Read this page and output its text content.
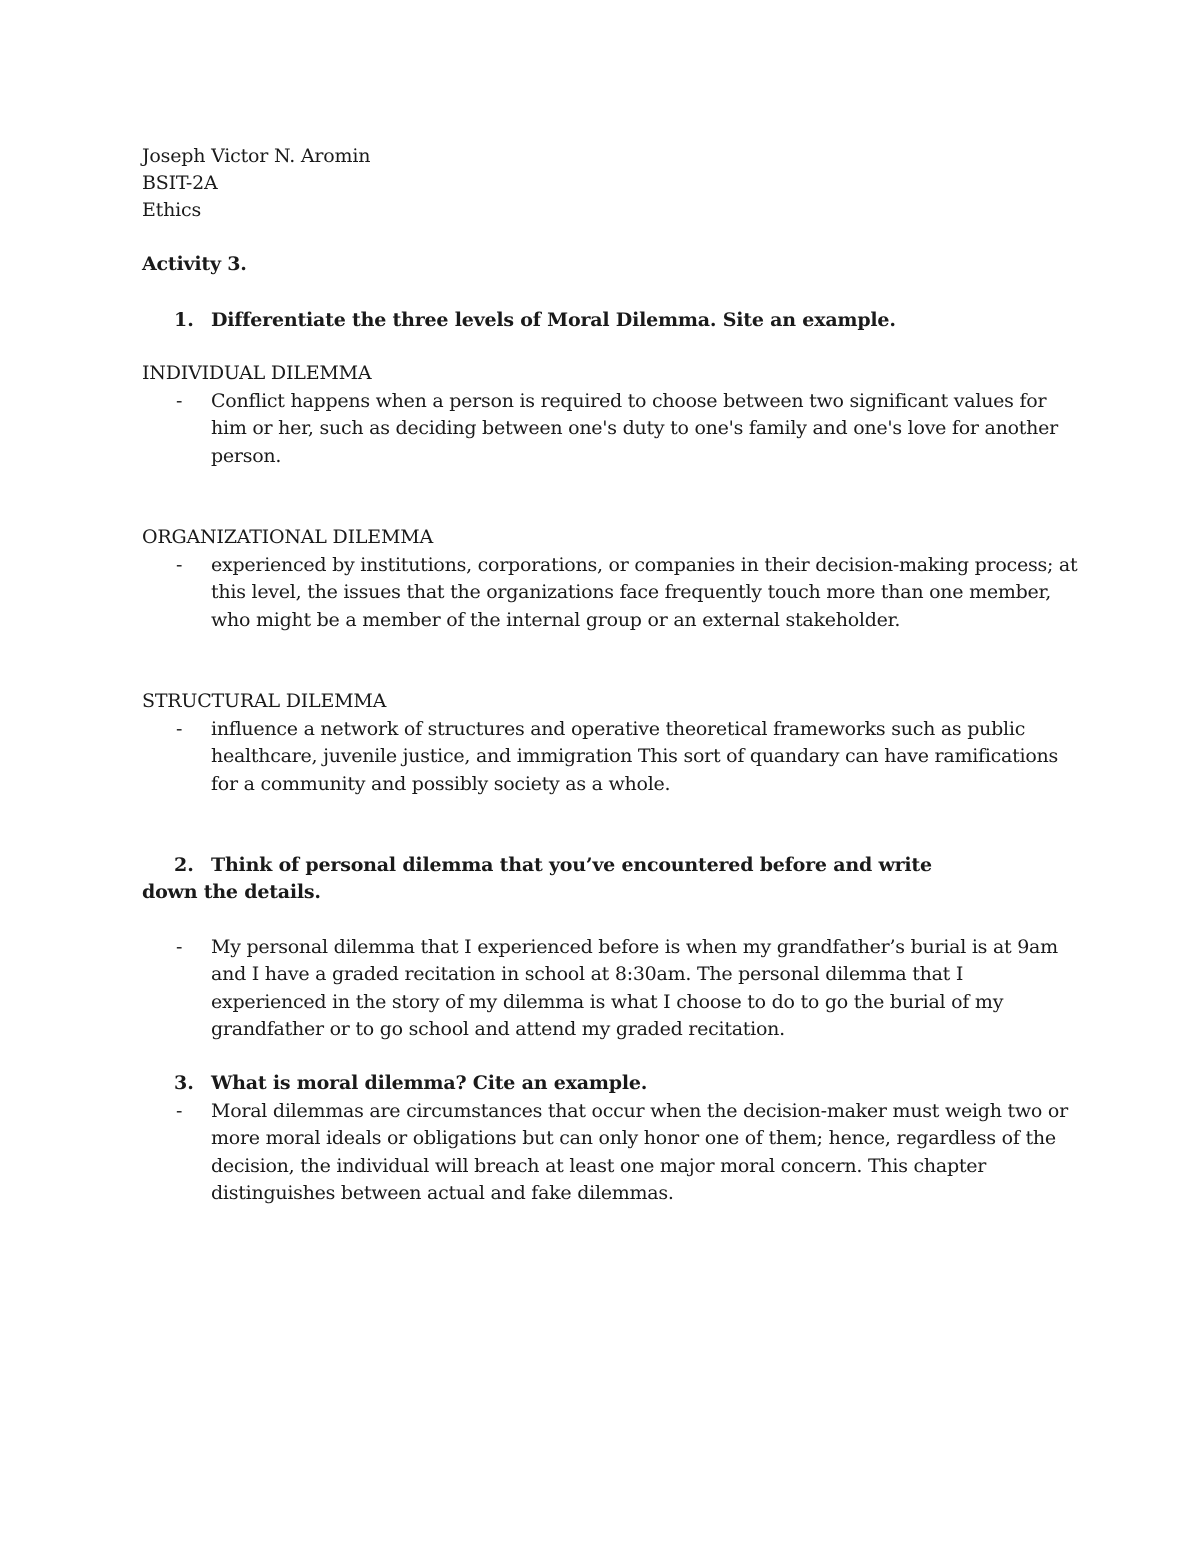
Joseph Victor N. Aromin
BSIT-2A
Ethics
Activity 3.
1. Differentiate the three levels of Moral Dilemma. Site an example.
INDIVIDUAL DILEMMA
- Conflict happens when a person is required to choose between two significant values for him or her, such as deciding between one's duty to one's family and one's love for another person.
ORGANIZATIONAL DILEMMA
- experienced by institutions, corporations, or companies in their decision-making process; at this level, the issues that the organizations face frequently touch more than one member, who might be a member of the internal group or an external stakeholder.
STRUCTURAL DILEMMA
- influence a network of structures and operative theoretical frameworks such as public healthcare, juvenile justice, and immigration This sort of quandary can have ramifications for a community and possibly society as a whole.
2. Think of personal dilemma that you’ve encountered before and write
down the details.
- My personal dilemma that I experienced before is when my grandfather’s burial is at 9am and I have a graded recitation in school at 8:30am. The personal dilemma that I experienced in the story of my dilemma is what I choose to do to go the burial of my grandfather or to go school and attend my graded recitation.
3. What is moral dilemma? Cite an example.
- Moral dilemmas are circumstances that occur when the decision-maker must weigh two or more moral ideals or obligations but can only honor one of them; hence, regardless of the decision, the individual will breach at least one major moral concern. This chapter distinguishes between actual and fake dilemmas.
